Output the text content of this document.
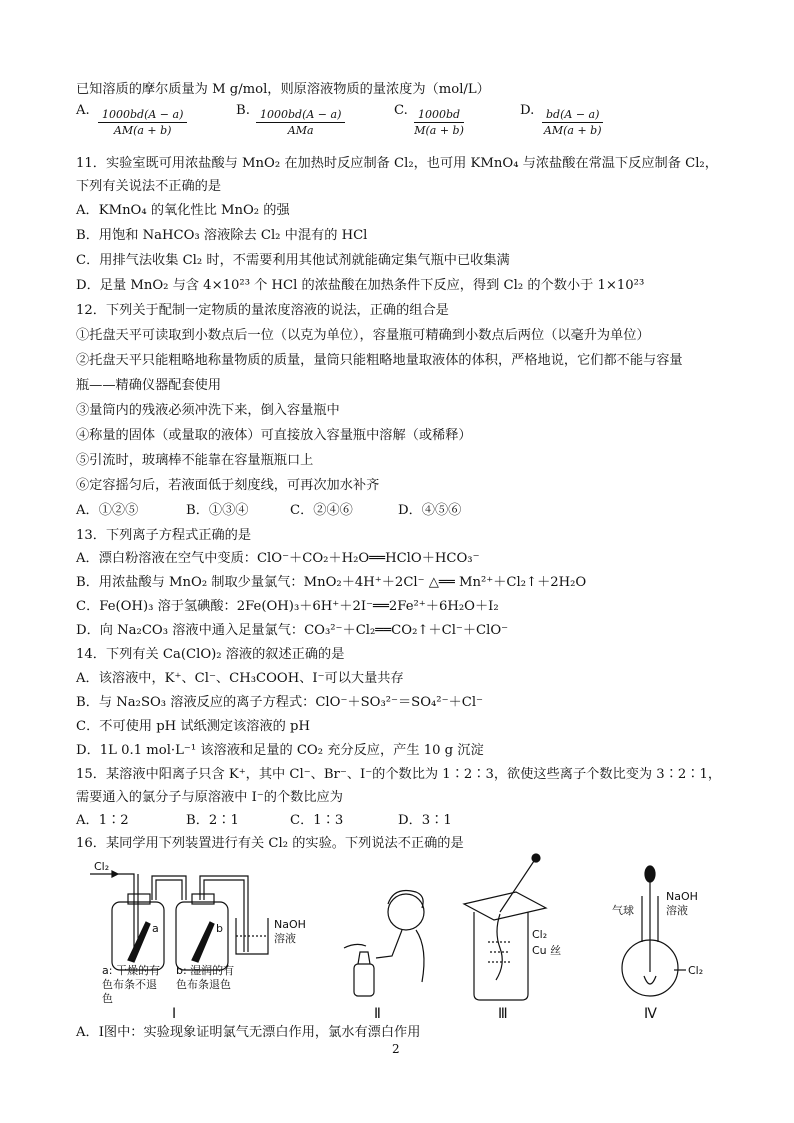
已知溶质的摩尔质量为 M g/mol，则原溶液物质的量浓度为（mol/L）
A. $\frac{1000bd(A - a)}{AM(a + b)}$	B. 1000bd(A − a)
AMa
C. $\frac{1000bd}{M(a + b)}$	D. $\frac{bd(A - a)}{AM(a + b)}$
11．实验室既可用浓盐酸与 MnO₂ 在加热时反应制备 Cl₂，也可用 KMnO₄ 与浓盐酸在常温下反应制备 Cl₂，
下列有关说法不正确的是
A．KMnO₄ 的氧化性比 MnO₂ 的强
B．用饱和 NaHCO₃ 溶液除去 Cl₂ 中混有的 HCl
C．用排气法收集 Cl₂ 时，不需要利用其他试剂就能确定集气瓶中已收集满
D．足量 MnO₂ 与含 4×10²³ 个 HCl 的浓盐酸在加热条件下反应，得到 Cl₂ 的个数小于 1×10²³
12．下列关于配制一定物质的量浓度溶液的说法，正确的组合是
①托盘天平可读取到小数点后一位（以克为单位），容量瓶可精确到小数点后两位（以毫升为单位）
②托盘天平只能粗略地称量物质的质量，量筒只能粗略地量取液体的体积，严格地说，它们都不能与容量
瓶——精确仪器配套使用
③量筒内的残液必须冲洗下来，倒入容量瓶中
④称量的固体（或量取的液体）可直接放入容量瓶中溶解（或稀释）
⑤引流时，玻璃棒不能靠在容量瓶瓶口上
⑥定容摇匀后，若液面低于刻度线，可再次加水补齐
A．①②⑤	B．①③④	C．②④⑥	D．④⑤⑥
13．下列离子方程式正确的是
A．漂白粉溶液在空气中变质：ClO⁻＋CO₂＋H₂O══HClO＋HCO₃⁻
B．用浓盐酸与 MnO₂ 制取少量氯气：MnO₂＋4H⁺＋2Cl⁻ △══ Mn²⁺＋Cl₂↑＋2H₂O
C．Fe(OH)₃ 溶于氢碘酸：2Fe(OH)₃＋6H⁺＋2I⁻══2Fe²⁺＋6H₂O＋I₂
D．向 Na₂CO₃ 溶液中通入足量氯气：CO₃²⁻＋Cl₂══CO₂↑＋Cl⁻＋ClO⁻
14．下列有关 Ca(ClO)₂ 溶液的叙述正确的是
A．该溶液中，K⁺、Cl⁻、CH₃COOH、I⁻可以大量共存
B．与 Na₂SO₃ 溶液反应的离子方程式：ClO⁻＋SO₃²⁻＝SO₄²⁻＋Cl⁻
C．不可使用 pH 试纸测定该溶液的 pH
D．1L 0.1 mol·L⁻¹ 该溶液和足量的 CO₂ 充分反应，产生 10 g 沉淀
15．某溶液中阳离子只含 K⁺，其中 Cl⁻、Br⁻、I⁻的个数比为 1∶2∶3，欲使这些离子个数比变为 3∶2∶1，
需要通入的氯分子与原溶液中 I⁻的个数比应为
A．1∶2	B．2∶1	C．1∶3	D．3∶1
16．某同学用下列装置进行有关 Cl₂ 的实验。下列说法不正确的是
Cl₂
a	b	NaOH
溶液
a: 干燥的有
色布条不退
色
b: 湿润的有
色布条退色
Ⅰ	Ⅱ
Cl₂
Cu 丝
Ⅲ
气球
NaOH
溶液
Cl₂
Ⅳ
A．Ⅰ图中：实验现象证明氯气无漂白作用，氯水有漂白作用
2
